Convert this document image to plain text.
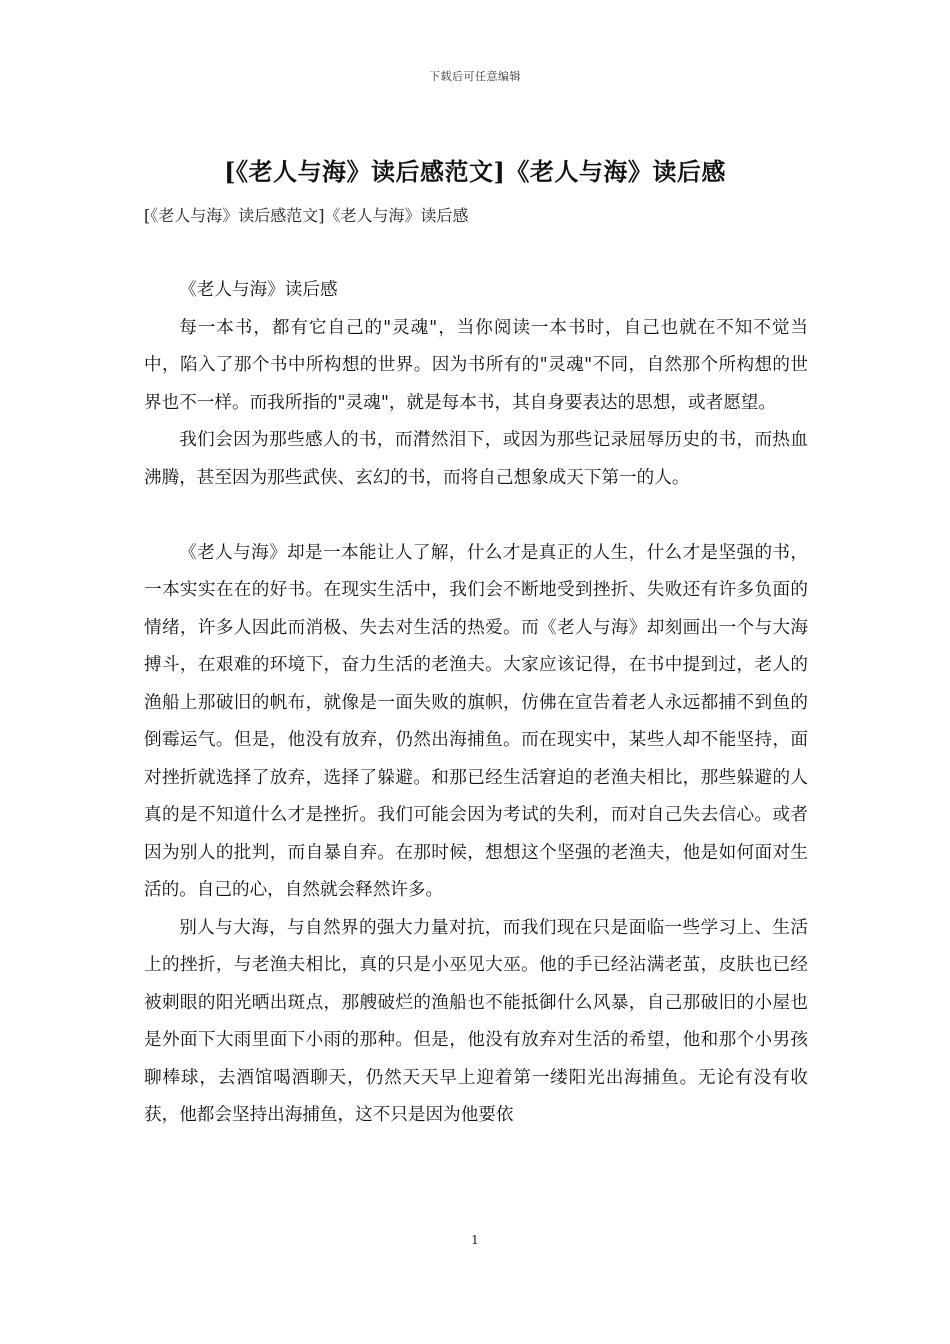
下载后可任意编辑
[《老人与海》读后感范文]《老人与海》读后感

[《老人与海》读后感范文]《老人与海》读后感

《老人与海》读后感

每一本书，都有它自己的"灵魂"，当你阅读一本书时，自己也就在不知不觉当中，陷入了那个书中所构想的世界。因为书所有的"灵魂"不同，自然那个所构想的世界也不一样。而我所指的"灵魂"，就是每本书，其自身要表达的思想，或者愿望。

我们会因为那些感人的书，而潸然泪下，或因为那些记录屈辱历史的书，而热血沸腾，甚至因为那些武侠、玄幻的书，而将自己想象成天下第一的人。

《老人与海》却是一本能让人了解，什么才是真正的人生，什么才是坚强的书，一本实实在在的好书。在现实生活中，我们会不断地受到挫折、失败还有许多负面的情绪，许多人因此而消极、失去对生活的热爱。而《老人与海》却刻画出一个与大海搏斗，在艰难的环境下，奋力生活的老渔夫。大家应该记得，在书中提到过，老人的渔船上那破旧的帆布，就像是一面失败的旗帜，仿佛在宣告着老人永远都捕不到鱼的倒霉运气。但是，他没有放弃，仍然出海捕鱼。而在现实中，某些人却不能坚持，面对挫折就选择了放弃，选择了躲避。和那已经生活窘迫的老渔夫相比，那些躲避的人真的是不知道什么才是挫折。我们可能会因为考试的失利，而对自己失去信心。或者因为别人的批判，而自暴自弃。在那时候，想想这个坚强的老渔夫，他是如何面对生活的。自己的心，自然就会释然许多。

别人与大海，与自然界的强大力量对抗，而我们现在只是面临一些学习上、生活上的挫折，与老渔夫相比，真的只是小巫见大巫。他的手已经沾满老茧，皮肤也已经被刺眼的阳光晒出斑点，那艘破烂的渔船也不能抵御什么风暴，自己那破旧的小屋也是外面下大雨里面下小雨的那种。但是，他没有放弃对生活的希望，他和那个小男孩聊棒球，去酒馆喝酒聊天，仍然天天早上迎着第一缕阳光出海捕鱼。无论有没有收获，他都会坚持出海捕鱼，这不只是因为他要依

1
